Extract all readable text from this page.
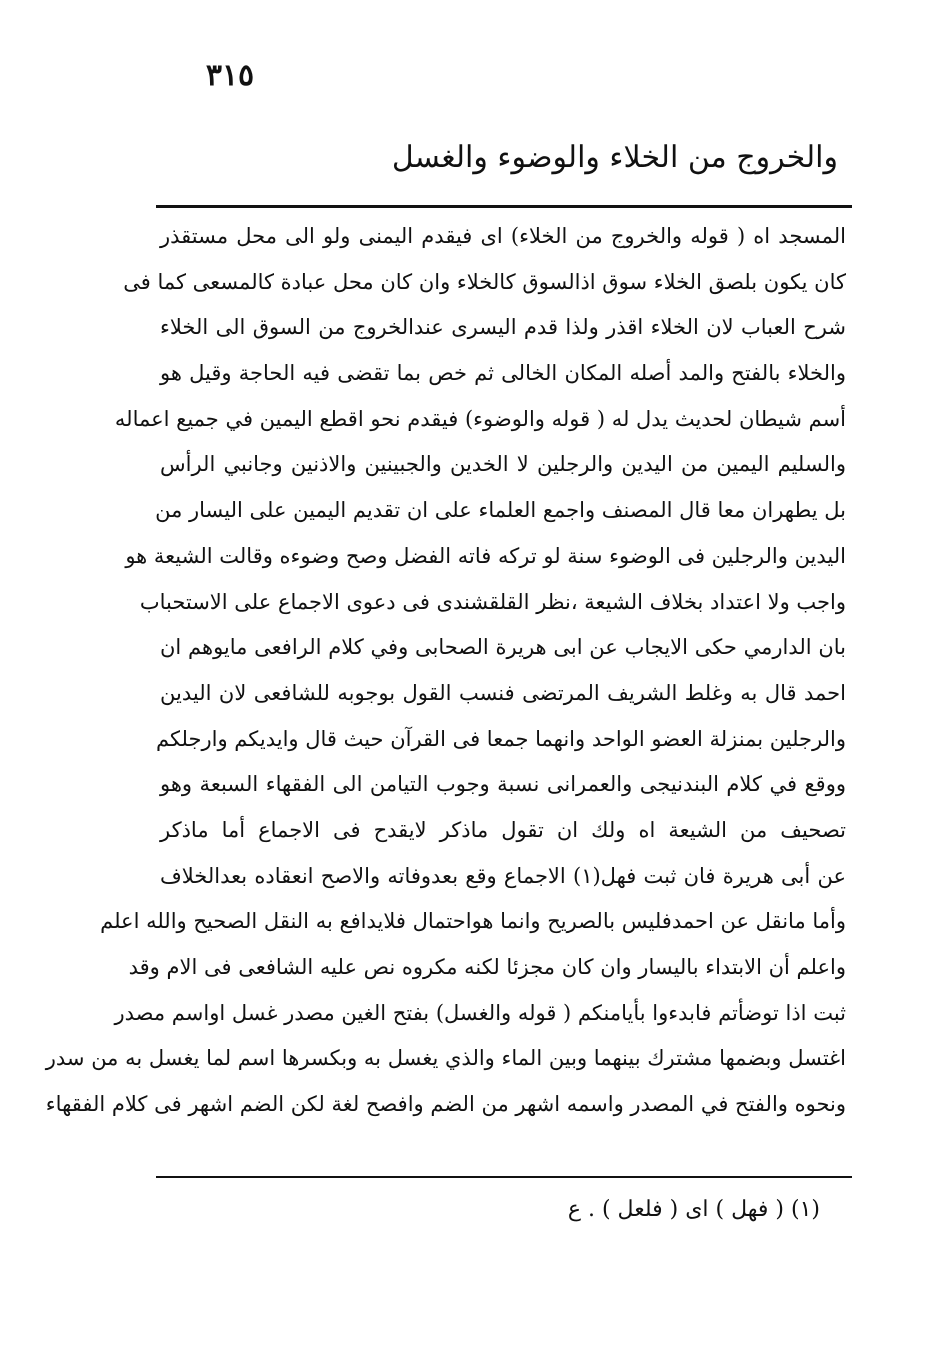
٣١٥
والخروج من الخلاء والوضوء والغسل
المسجد اه ( قوله والخروج من الخلاء) اى فيقدم اليمنى ولو الى محل مستقذر
كان يكون بلصق الخلاء سوق اذالسوق كالخلاء وان كان محل عبادة كالمسعى كما فى
شرح العباب لان الخلاء اقذر ولذا قدم اليسرى عندالخروج من السوق الى الخلاء
والخلاء بالفتح والمد أصله المكان الخالى ثم خص بما تقضى فيه الحاجة وقيل هو
أسم شيطان لحديث يدل له ( قوله والوضوء) فيقدم نحو اقطع اليمين في جميع اعماله
والسليم اليمين من اليدين والرجلين لا الخدين والجبينين والاذنين وجانبي الرأس
بل يطهران معا قال المصنف واجمع العلماء على ان تقديم اليمين على اليسار من
اليدين والرجلين فى الوضوء سنة لو تركه فاته الفضل وصح وضوءه وقالت الشيعة هو
واجب ولا اعتداد بخلاف الشيعة ،نظر القلقشندى فى دعوى الاجماع على الاستحباب
بان الدارمي حكى الايجاب عن ابى هريرة الصحابى وفي كلام الرافعى مايوهم ان
احمد قال به وغلط الشريف المرتضى فنسب القول بوجوبه للشافعى لان اليدين
والرجلين بمنزلة العضو الواحد وانهما جمعا فى القرآن حيث قال وايديكم وارجلكم
ووقع في كلام البندنيجى والعمرانى نسبة وجوب التيامن الى الفقهاء السبعة وهو
تصحيف من الشيعة اه ولك ان تقول ماذكر لايقدح فى الاجماع أما ماذكر
عن أبى هريرة فان ثبت فهل(١) الاجماع وقع بعدوفاته والاصح انعقاده بعدالخلاف
وأما مانقل عن احمدفليس بالصريح وانما هواحتمال فلايدافع به النقل الصحيح والله اعلم
واعلم أن الابتداء باليسار وان كان مجزئا لكنه مكروه نص عليه الشافعى فى الام وقد
ثبت اذا توضأتم فابدءوا بأيامنكم ( قوله والغسل) بفتح الغين مصدر غسل اواسم مصدر
اغتسل وبضمها مشترك بينهما وبين الماء والذي يغسل به وبكسرها اسم لما يغسل به من سدر
ونحوه والفتح في المصدر واسمه اشهر من الضم وافصح لغة لكن الضم اشهر فى كلام الفقهاء
(١) ( فهل ) اى ( فلعل ) . ع
